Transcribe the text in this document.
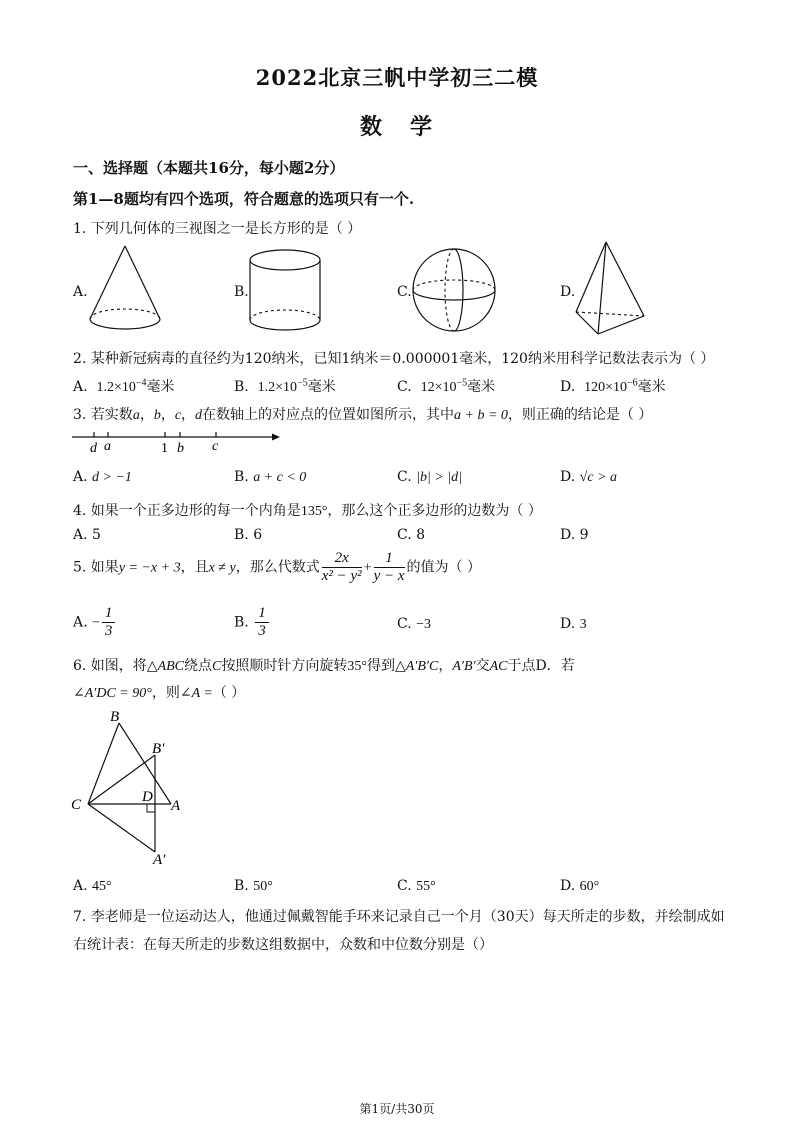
2022北京三帆中学初三二模
数学
一、选择题（本题共16分，每小题2分）
第1—8题均有四个选项，符合题意的选项只有一个.
1. 下列几何体的三视图之一是长方形的是（ ）
A.	B.	C.	D.
2. 某种新冠病毒的直径约为120纳米，已知1纳米＝0.000001毫米，120纳米用科学记数法表示为（ ）
A. $1.2\times 10^{-4}$毫米	B. $1.2\times 10^{-5}$毫米	C. $12\times 10^{-5}$毫米	D. $120\times 10^{-6}$毫米
3. 若实数a，b，c，d在数轴上的对应点的位置如图所示，其中a + b = 0，则正确的结论是（ ）
d a	1 b c
A. d > −1	B. a + c < 0	C. |b| > |d|	D. √c > a
4. 如果一个正多边形的每一个内角是135°，那么这个正多边形的边数为（ ）
A. 5	B. 6	C. 8	D. 9
5. 如果y = −x + 3，且x ≠ y，那么代数式 $\frac{2x}{\text{x² − y²}} + \frac{1}{y - x}$ 的值为（ ）
A. − $\frac{1}{3}$	B. $\frac{1}{3}$	C. −3	D. 3
6. 如图，将△ABC绕点C按照顺时针方向旋转35°得到△A′B′C，A′B′交AC于点D．若
∠A′DC = 90°，则∠A =（ ）
B
B′
C	D
A
A′
A. 45°	B. 50°	C. 55°	D. 60°
7. 李老师是一位运动达人，他通过佩戴智能手环来记录自己一个月（30天）每天所走的步数，并绘制成如
右统计表：在每天所走的步数这组数据中，众数和中位数分别是（）
第1页/共30页
